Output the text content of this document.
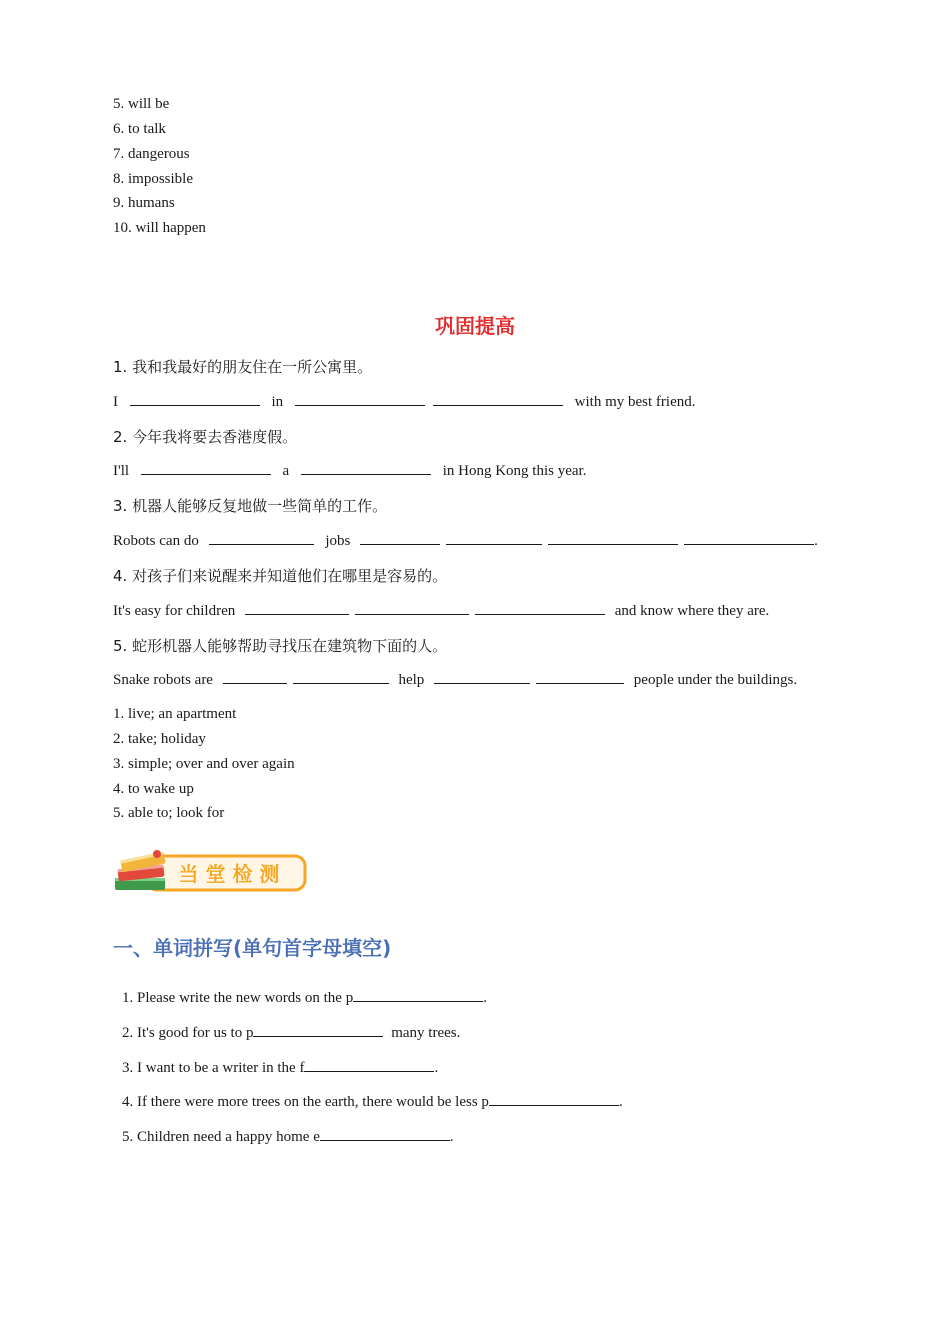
5. will be
6. to talk
7. dangerous
8. impossible
9. humans
10. will happen
巩固提高
1. 我和我最好的朋友住在一所公寓里。
I	in	with my best friend.
2. 今年我将要去香港度假。
I'll	a	in Hong Kong this year.
3. 机器人能够反复地做一些简单的工作。
Robots can do	jobs	.
4. 对孩子们来说醒来并知道他们在哪里是容易的。
It's easy for children	and know where they are.
5. 蛇形机器人能够帮助寻找压在建筑物下面的人。
Snake robots are	help	people under the buildings.
1. live; an apartment
2. take; holiday
3. simple; over and over again
4. to wake up
5. able to; look for
当 堂 检 测
一、单词拼写(单句首字母填空)
1. Please write the new words on the p	.
2. It's good for us to p	many trees.
3. I want to be a writer in the f	.
4. If there were more trees on the earth, there would be less p	.
5. Children need a happy home e	.
